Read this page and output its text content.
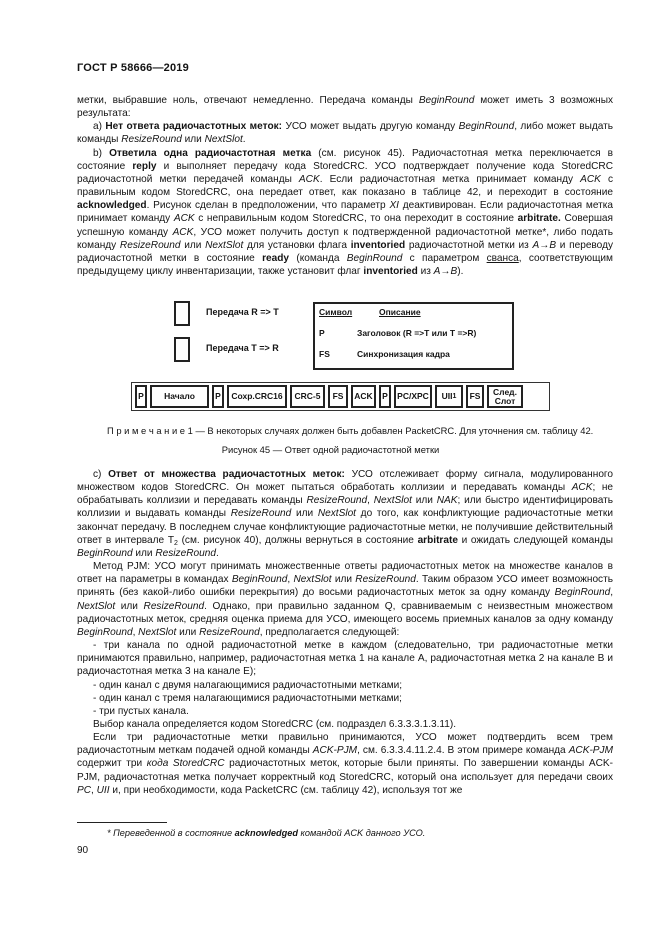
ГОСТ Р 58666—2019

метки, выбравшие ноль, отвечают немедленно. Передача команды BeginRound может иметь 3 возможных результата:

а) Нет ответа радиочастотных меток: УСО может выдать другую команду BeginRound, либо может выдать команды ResizeRound или NextSlot.

b) Ответила одна радиочастотная метка (см. рисунок 45). Радиочастотная метка переключается в состояние reply и выполняет передачу кода StoredCRC. УСО подтверждает получение кода StoredCRC радиочастотной метки передачей команды ACK. Если радиочастотная метка принимает команду ACK с правильным кодом StoredCRC, она передает ответ, как показано в таблице 42, и переходит в состояние acknowledged. Рисунок сделан в предположении, что параметр XI деактивирован. Если радиочастотная метка принимает команду ACK с неправильным кодом StoredCRC, то она переходит в состояние arbitrate. Совершая успешную команду ACK, УСО может получить доступ к подтвержденной радиочастотной метке*, либо подать команду ResizeRound или NextSlot для установки флага inventoried радиочастотной метки из A→B и переводу радиочастотной метки в состояние ready (команда BeginRound с параметром сванса, соответствующим предыдущему циклу инвентаризации, также установит флаг inventoried из A→B).

Передача R => T
Передача T => R
Символ	Описание
P	Заголовок (R =>T или T =>R)
FS	Синхронизация кадра
P	Начало	P	Сохр.CRC16	CRC-5	FS	ACK	P	PC/XPC	UII 1	FS	След. Слот
П р и м е ч а н и е 1 — В некоторых случаях должен быть добавлен PacketCRC. Для уточнения см. таблицу 42.
Рисунок 45 — Ответ одной радиочастотной метки

c) Ответ от множества радиочастотных меток: УСО отслеживает форму сигнала, модулированного множеством кодов StoredCRC. Он может пытаться обработать коллизии и передавать команды ACK; не обрабатывать коллизии и передавать команды ResizeRound, NextSlot или NAK; или быстро идентифицировать коллизии и выдавать команды ResizeRound или NextSlot до того, как конфликтующие радиочастотные метки закончат передачу. В последнем случае конфликтующие радиочастотные метки, не получившие действительный ответ в интервале $T_2$ (см. рисунок 40), должны вернуться в состояние arbitrate и ожидать следующей команды BeginRound или ResizeRound.

Метод PJM: УСО могут принимать множественные ответы радиочастотных меток на множестве каналов в ответ на параметры в командах BeginRound, NextSlot или ResizeRound. Таким образом УСО имеет возможность принять (без какой-либо ошибки перекрытия) до восьми радиочастотных меток за одну команду BeginRound, NextSlot или ResizeRound. Однако, при правильно заданном Q, сравниваемым с неизвестным множеством радиочастотных меток, средняя оценка приема для УСО, имеющего восемь приемных каналов за одну команду BeginRound, NextSlot или ResizeRound, предполагается следующей:

- три канала по одной радиочастотной метке в каждом (следовательно, три радиочастотные метки принимаются правильно, например, радиочастотная метка 1 на канале А, радиочастотная метка 2 на канале B и радиочастотная метка 3 на канале E);

- один канал с двумя налагающимися радиочастотными метками;

- один канал с тремя налагающимися радиочастотными метками;

- три пустых канала.

Выбор канала определяется кодом StoredCRC (см. подраздел 6.3.3.3.1.3.11).

Если три радиочастотные метки правильно принимаются, УСО может подтвердить всем трем радиочастотным меткам подачей одной команды ACK-PJM, см. 6.3.3.4.11.2.4. В этом примере команда ACK-PJM содержит три кода StoredCRC радиочастотных меток, которые были приняты. По завершении команды ACK-PJM, радиочастотная метка получает корректный код StoredCRC, который она использует для передачи своих PC, UII и, при необходимости, кода PacketCRC (см. таблицу 42), используя тот же

* Переведенной в состояние acknowledged командой ACK данного УСО.
90
